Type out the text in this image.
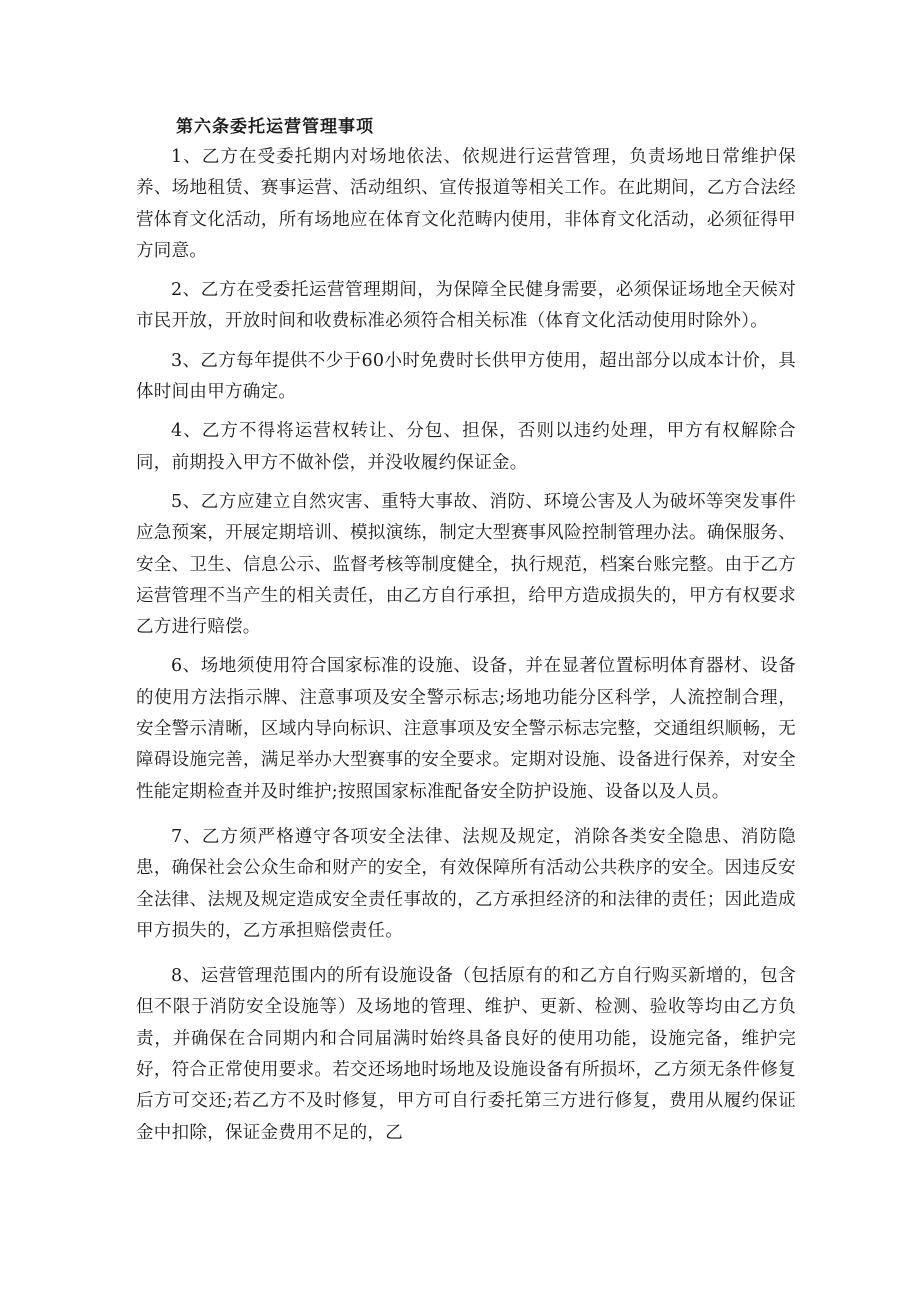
第六条委托运营管理事项

1、乙方在受委托期内对场地依法、依规进行运营管理，负责场地日常维护保养、场地租赁、赛事运营、活动组织、宣传报道等相关工作。在此期间，乙方合法经营体育文化活动，所有场地应在体育文化范畴内使用，非体育文化活动，必须征得甲方同意。

2、乙方在受委托运营管理期间，为保障全民健身需要，必须保证场地全天候对市民开放，开放时间和收费标准必须符合相关标准（体育文化活动使用时除外）。

3、乙方每年提供不少于60小时免费时长供甲方使用，超出部分以成本计价，具体时间由甲方确定。

4、乙方不得将运营权转让、分包、担保，否则以违约处理，甲方有权解除合同，前期投入甲方不做补偿，并没收履约保证金。

5、乙方应建立自然灾害、重特大事故、消防、环境公害及人为破坏等突发事件应急预案，开展定期培训、模拟演练，制定大型赛事风险控制管理办法。确保服务、安全、卫生、信息公示、监督考核等制度健全，执行规范，档案台账完整。由于乙方运营管理不当产生的相关责任，由乙方自行承担，给甲方造成损失的，甲方有权要求乙方进行赔偿。

6、场地须使用符合国家标准的设施、设备，并在显著位置标明体育器材、设备的使用方法指示牌、注意事项及安全警示标志;场地功能分区科学，人流控制合理，安全警示清晰，区域内导向标识、注意事项及安全警示标志完整，交通组织顺畅，无障碍设施完善，满足举办大型赛事的安全要求。定期对设施、设备进行保养，对安全性能定期检查并及时维护;按照国家标准配备安全防护设施、设备以及人员。

7、乙方须严格遵守各项安全法律、法规及规定，消除各类安全隐患、消防隐患，确保社会公众生命和财产的安全，有效保障所有活动公共秩序的安全。因违反安全法律、法规及规定造成安全责任事故的，乙方承担经济的和法律的责任；因此造成甲方损失的，乙方承担赔偿责任。

8、运营管理范围内的所有设施设备（包括原有的和乙方自行购买新增的，包含但不限于消防安全设施等）及场地的管理、维护、更新、检测、验收等均由乙方负责，并确保在合同期内和合同届满时始终具备良好的使用功能，设施完备，维护完好，符合正常使用要求。若交还场地时场地及设施设备有所损坏，乙方须无条件修复后方可交还;若乙方不及时修复，甲方可自行委托第三方进行修复，费用从履约保证金中扣除，保证金费用不足的，乙
